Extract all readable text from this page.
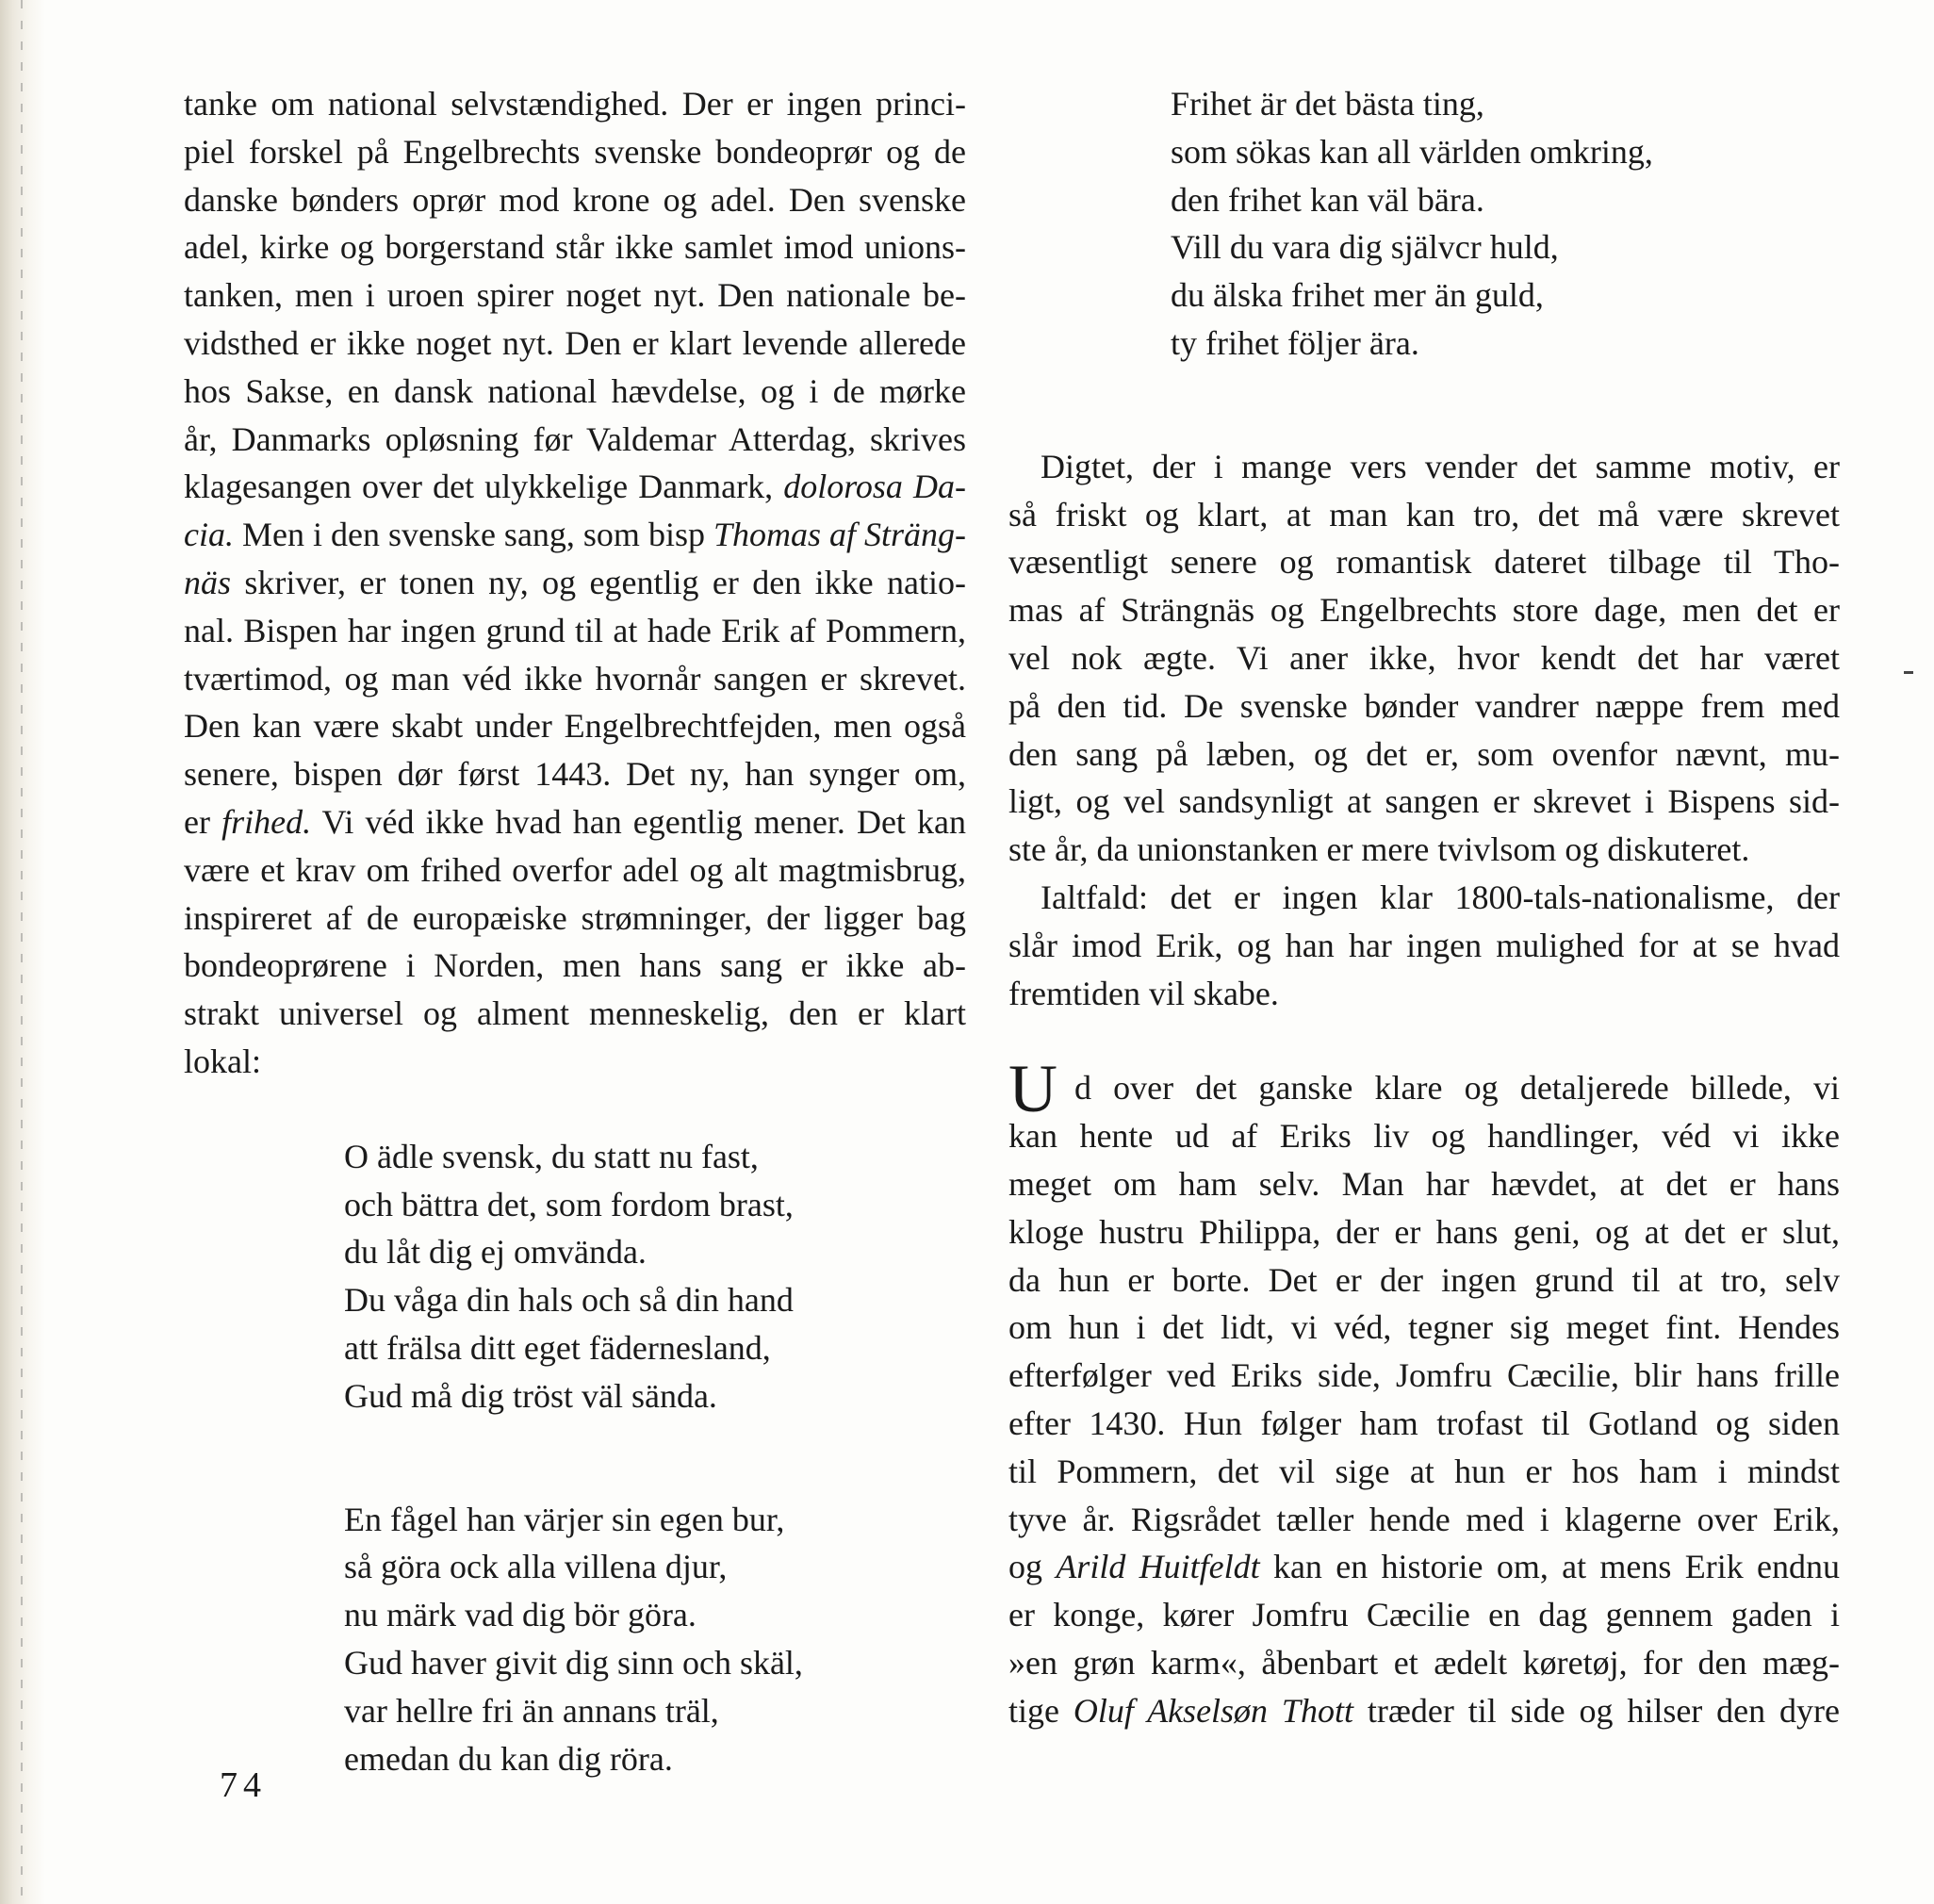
tanke om national selvstændighed. Der er ingen princi-
piel forskel på Engelbrechts svenske bondeoprør og de
danske bønders oprør mod krone og adel. Den svenske
adel, kirke og borgerstand står ikke samlet imod unions-
tanken, men i uroen spirer noget nyt. Den nationale be-
vidsthed er ikke noget nyt. Den er klart levende allerede
hos Sakse, en dansk national hævdelse, og i de mørke
år, Danmarks opløsning før Valdemar Atterdag, skrives
klagesangen over det ulykkelige Danmark, dolorosa Da-
cia. Men i den svenske sang, som bisp Thomas af Sträng-
näs skriver, er tonen ny, og egentlig er den ikke natio-
nal. Bispen har ingen grund til at hade Erik af Pommern,
tværtimod, og man véd ikke hvornår sangen er skrevet.
Den kan være skabt under Engelbrechtfejden, men også
senere, bispen dør først 1443. Det ny, han synger om,
er frihed. Vi véd ikke hvad han egentlig mener. Det kan
være et krav om frihed overfor adel og alt magtmisbrug,
inspireret af de europæiske strømninger, der ligger bag
bondeoprørene i Norden, men hans sang er ikke ab-
strakt universel og alment menneskelig, den er klart
lokal:
O ädle svensk, du statt nu fast,
och bättra det, som fordom brast,
du låt dig ej omvända.
Du våga din hals och så din hand
att frälsa ditt eget fädernesland,
Gud må dig tröst väl sända.
En fågel han värjer sin egen bur,
så göra ock alla villena djur,
nu märk vad dig bör göra.
Gud haver givit dig sinn och skäl,
var hellre fri än annans träl,
emedan du kan dig röra.
Frihet är det bästa ting,
som sökas kan all världen omkring,
den frihet kan väl bära.
Vill du vara dig självcr huld,
du älska frihet mer än guld,
ty frihet följer ära.
Digtet, der i mange vers vender det samme motiv, er
så friskt og klart, at man kan tro, det må være skrevet
væsentligt senere og romantisk dateret tilbage til Tho-
mas af Strängnäs og Engelbrechts store dage, men det er
vel nok ægte. Vi aner ikke, hvor kendt det har været
på den tid. De svenske bønder vandrer næppe frem med
den sang på læben, og det er, som ovenfor nævnt, mu-
ligt, og vel sandsynligt at sangen er skrevet i Bispens sid-
ste år, da unionstanken er mere tvivlsom og diskuteret.
Ialtfald: det er ingen klar 1800-tals-nationalisme, der
slår imod Erik, og han har ingen mulighed for at se hvad
fremtiden vil skabe.
U d over det ganske klare og detaljerede billede, vi
kan hente ud af Eriks liv og handlinger, véd vi ikke
meget om ham selv. Man har hævdet, at det er hans
kloge hustru Philippa, der er hans geni, og at det er slut,
da hun er borte. Det er der ingen grund til at tro, selv
om hun i det lidt, vi véd, tegner sig meget fint. Hendes
efterfølger ved Eriks side, Jomfru Cæcilie, blir hans frille
efter 1430. Hun følger ham trofast til Gotland og siden
til Pommern, det vil sige at hun er hos ham i mindst
tyve år. Rigsrådet tæller hende med i klagerne over Erik,
og Arild Huitfeldt kan en historie om, at mens Erik endnu
er konge, kører Jomfru Cæcilie en dag gennem gaden i
»en grøn karm«, åbenbart et ædelt køretøj, for den mæg-
tige Oluf Akselsøn Thott træder til side og hilser den dyre
74
